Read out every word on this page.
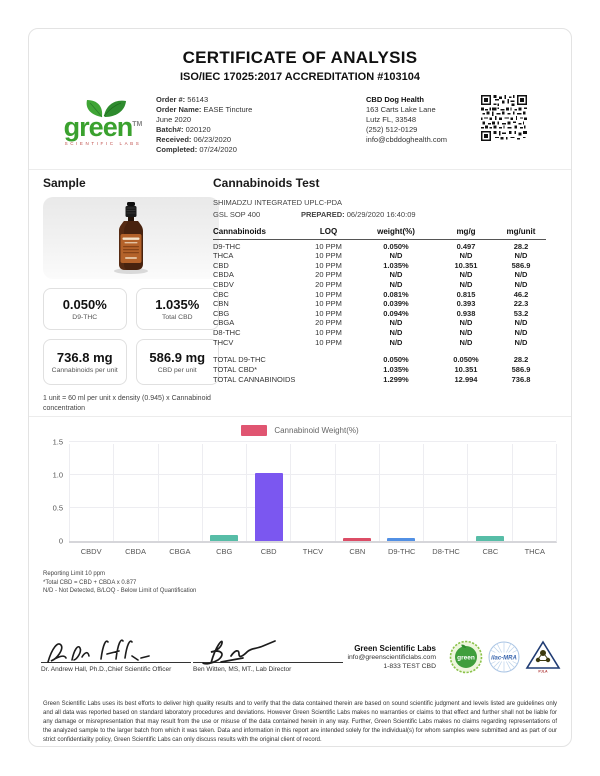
CERTIFICATE OF ANALYSIS
ISO/IEC 17025:2017 ACCREDITATION #103104
green™
SCIENTIFIC LABS
Order #: 56143
Order Name: EASE Tincture
June 2020
Batch#: 020120
Received: 06/23/2020
Completed: 07/24/2020
CBD Dog Health
163 Carts Lake Lane
Lutz FL, 33548
(252) 512-0129
info@cbddoghealth.com
Sample
0.050%
D9-THC
1.035%
Total CBD
736.8 mg
Cannabinoids per unit
586.9 mg
CBD per unit
1 unit = 60 ml per unit x density (0.945) x Cannabinoid concentration
Cannabinoids Test
SHIMADZU INTEGRATED UPLC-PDA
GSL SOP 400	PREPARED: 06/29/2020 16:40:09
Cannabinoids	LOQ	weight(%)	mg/g	mg/unit
D9-THC	10 PPM	0.050%	0.497	28.2
THCA	10 PPM	N/D	N/D	N/D
CBD	10 PPM	1.035%	10.351	586.9
CBDA	20 PPM	N/D	N/D	N/D
CBDV	20 PPM	N/D	N/D	N/D
CBC	10 PPM	0.081%	0.815	46.2
CBN	10 PPM	0.039%	0.393	22.3
CBG	10 PPM	0.094%	0.938	53.2
CBGA	20 PPM	N/D	N/D	N/D
D8-THC	10 PPM	N/D	N/D	N/D
THCV	10 PPM	N/D	N/D	N/D
TOTAL D9-THC	0.050%	0.050%	28.2
TOTAL CBD*	1.035%	10.351	586.9
TOTAL CANNABINOIDS	1.299%	12.994	736.8
Cannabinoid Weight(%)
0
0.5
1.0
1.5
CBDV	CBDA	CBGA	CBG	CBD	THCV	CBN	D9-THC	D8-THC	CBC	THCA
Reporting Limit 10 ppm
*Total CBD = CBD + CBDA x 0.877
N/D - Not Detected, B/LOQ - Below Limit of Quantification
Dr. Andrew Hall, Ph.D.,Chief Scientific Officer	Ben Witten, MS, MT., Lab Director
Green Scientific Labs
info@greenscientificlabs.com
1-833 TEST CBD
green	ilac-MRA
PJLA
Green Scientific Labs uses its best efforts to deliver high quality results and to verify that the data contained therein are based on sound scientific judgment and levels listed are guidelines only and all data was reported based on standard laboratory procedures and deviations. However Green Scientific Labs makes no warranties or claims to that effect and further shall not be liable for any damage or misrepresentation that may result from the use or misuse of the data contained herein in any way. Further, Green Scientific Labs makes no claims regarding representations of the analyzed sample to the larger batch from which it was taken. Data and information in this report are intended solely for the individual(s) for whom samples were submitted and as part of our strict confidentiality policy, Green Scientific Labs can only discuss results with the original client of record.
